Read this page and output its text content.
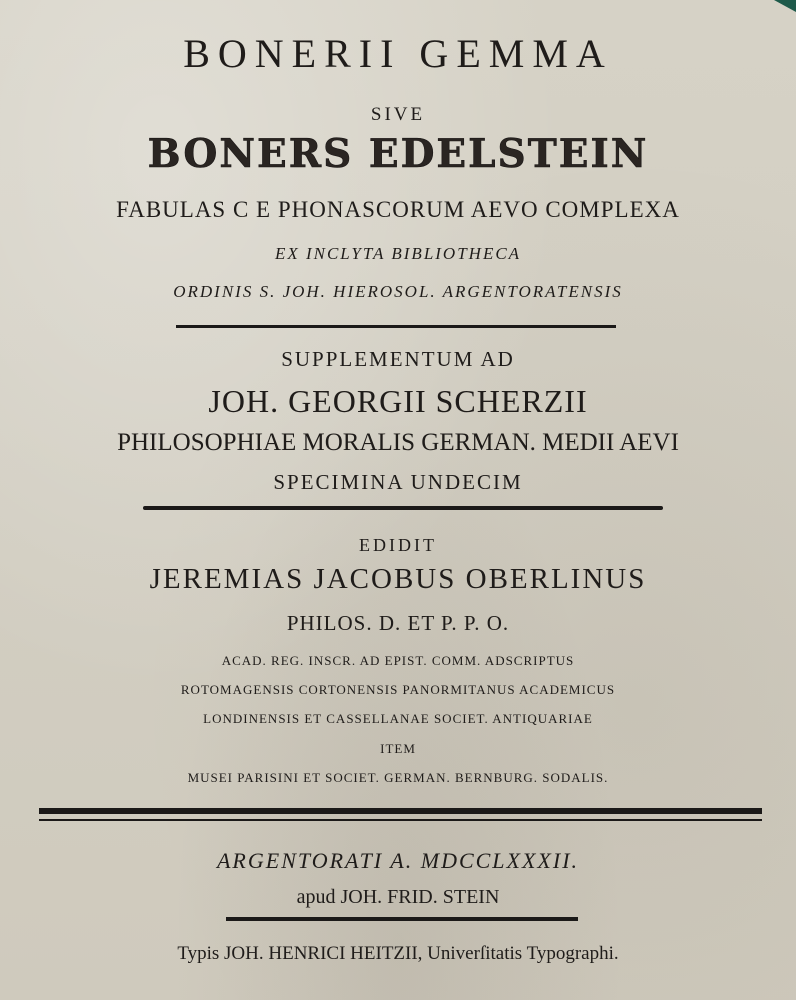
BONERII GEMMA
SIVE
BONERS EDELSTEIN
FABULAS C E PHONASCORUM AEVO COMPLEXA
EX INCLYTA BIBLIOTHECA
ORDINIS S. JOH. HIEROSOL. ARGENTORATENSIS
SUPPLEMENTUM AD
JOH. GEORGII SCHERZII
PHILOSOPHIAE MORALIS GERMAN. MEDII AEVI
SPECIMINA UNDECIM
EDIDIT
JEREMIAS JACOBUS OBERLINUS
PHILOS. D. ET P. P. O.
ACAD. REG. INSCR. AD EPIST. COMM. ADSCRIPTUS
ROTOMAGENSIS CORTONENSIS PANORMITANUS ACADEMICUS
LONDINENSIS ET CASSELLANAE SOCIET. ANTIQUARIAE
ITEM
MUSEI PARISINI ET SOCIET. GERMAN. BERNBURG. SODALIS.
ARGENTORATI A. MDCCLXXXII.
apud JOH. FRID. STEIN
Typis JOH. HENRICI HEITZII, Univerſitatis Typographi.
